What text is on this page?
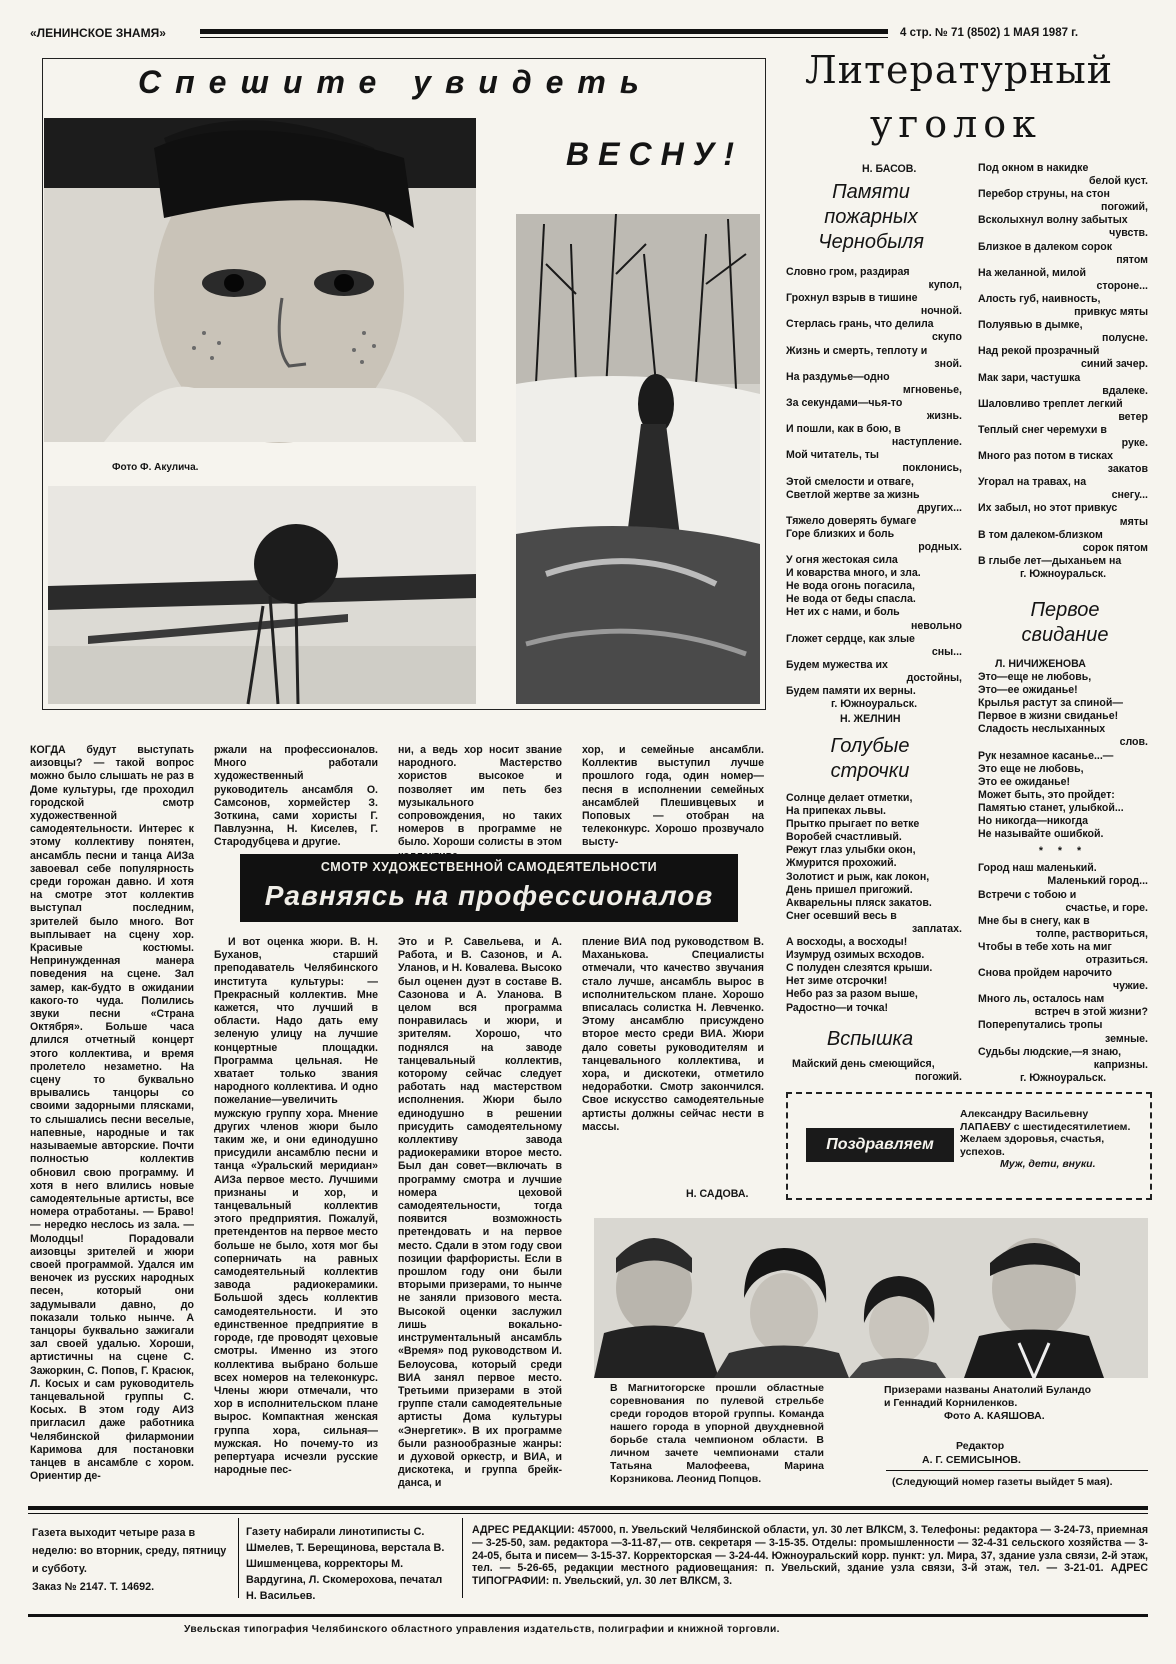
«ЛЕНИНСКОЕ ЗНАМЯ»	4 стр. № 71 (8502) 1 МАЯ 1987 г.
Спешите увидеть
ВЕСНУ!
Фото Ф. Акулича.
Литературный
уголок
Н. БАСОВ.
Памяти пожарных Чернобыля
Словно гром, раздирая
купол,
Грохнул взрыв в тишине
ночной.
Стерлась грань, что делила
скупо
Жизнь и смерть, теплоту и
зной.
На раздумье—одно
мгновенье,
За секундами—чья-то
жизнь.
И пошли, как в бою, в
наступление.
Мой читатель, ты
поклонись,
Этой смелости и отваге,
Светлой жертве за жизнь
других...
Тяжело доверять бумаге
Горе близких и боль
родных.
У огня жестокая сила
И коварства много, и зла.
Не вода огонь погасила,
Не вода от беды спасла.
Нет их с нами, и боль
невольно
Гложет сердце, как злые
сны...
Будем мужества их
достойны,
Будем памяти их верны.
г. Южноуральск.
Н. ЖЕЛНИН
Голубые строчки
Солнце делает отметки,
На припеках львы.
Прытко прыгает по ветке
Воробей счастливый.
Режут глаз улыбки окон,
Жмурится прохожий.
Золотист и рыж, как локон,
День пришел пригожий.
Акварельны пляск закатов.
Снег осевший весь в
заплатах.
А восходы, а восходы!
Изумруд озимых всходов.
С полуден слезятся крыши.
Нет зиме отсрочки!
Небо раз за разом выше,
Радостно—и точка!
Вспышка
Майский день смеющийся,
погожий.
Под окном в накидке
белой куст.
Перебор струны, на стон
погожий,
Всколыхнул волну забытых
чувств.
Близкое в далеком сорок
пятом
На желанной, милой
стороне...
Алость губ, наивность,
привкус мяты
Полуявью в дымке,
полусне.
Над рекой прозрачный
синий зачер.
Мак зари, частушка
вдалеке.
Шаловливо треплет легкий
ветер
Теплый снег черемухи в
руке.
Много раз потом в тисках
закатов
Угорал на травах, на
снегу...
Их забыл, но этот привкус
мяты
В том далеком-близком
сорок пятом
В глыбе лет—дыханьем на
г. Южноуральск.
Первое свидание
Л. НИЧИЖЕНОВА
Это—еще не любовь,
Это—ее ожиданье!
Крылья растут за спиной—
Первое в жизни свиданье!
Сладость неслыханных
слов.
Рук незамное касанье...—
Это еще не любовь,
Это ее ожиданье!
Может быть, это пройдет:
Памятью станет, улыбкой...
Но никогда—никогда
Не называйте ошибкой.
* * *
Город наш маленький.
Маленький город...
Встречи с тобою и
счастье, и горе.
Мне бы в снегу, как в
толпе, раствориться,
Чтобы в тебе хоть на миг
отразиться.
Снова пройдем нарочито
чужие.
Много ль, осталось нам
встреч в этой жизни?
Поперепутались тропы
земные.
Судьбы людские,—я знаю,
капризны.
г. Южноуральск.
Поздравляем
Александру Васильевну ЛАПАЕВУ с шестидесятилетием. Желаем здоровья, счастья, успехов.
Муж, дети, внуки.

КОГДА будут выступать аизовцы? — такой вопрос можно было слышать не раз в Доме культуры, где проходил городской смотр художественной самодеятельности. Интерес к этому коллективу понятен, ансамбль песни и танца АИЗа завоевал себе популярность среди горожан давно. И хотя на смотре этот коллектив выступал последним, зрителей было много. Вот выплывает на сцену хор. Красивые костюмы. Непринужденная манера поведения на сцене. Зал замер, как-будто в ожидании какого-то чуда. Полились звуки песни «Страна Октября». Больше часа длился отчетный концерт этого коллектива, и время пролетело незаметно. На сцену то буквально врывались танцоры со своими задорными плясками, то слышались песни веселые, напевные, народные и так называемые авторские. Почти полностью коллектив обновил свою программу. И хотя в него влились новые самодеятельные артисты, все номера отработаны. — Браво! — нередко неслось из зала. — Молодцы! Порадовали аизовцы зрителей и жюри своей программой. Удался им веночек из русских народных песен, который они задумывали давно, до показали только нынче. А танцоры буквально зажигали зал своей удалью. Хороши, артистичны на сцене С. Зажоркин, С. Попов, Г. Красюк, Л. Косых и сам руководитель танцевальной группы С. Косых. В этом году АИЗ пригласил даже работника Челябинской филармонии Каримова для постановки танцев в ансамбле с хором. Ориентир де-

ржали на профессионалов. Много работали художественный руководитель ансамбля О. Самсонов, хормейстер З. Зоткина, сами хористы Г. Павлуэнна, Н. Киселев, Г. Стародубцева и другие.

ни, а ведь хор носит звание народного. Мастерство хористов высокое и позволяет им петь без музыкального сопровождения, но таких номеров в программе не было. Хороши солисты в этом

хор, и семейные ансамбли. Коллектив выступил лучше прошлого года, один номер— песня в исполнении семейных ансамблей Плешивцевых и Поповых — отобран на телеконкурс. Хорошо прозвучало высту-

СМОТР ХУДОЖЕСТВЕННОЙ САМОДЕЯТЕЛЬНОСТИ
Равняясь на профессионалов

И вот оценка жюри. В. Н. Буханов, старший преподаватель Челябинского института культуры: — Прекрасный коллектив. Мне кажется, что лучший в области. Надо дать ему зеленую улицу на лучшие концертные площадки. Программа цельная. Не хватает только звания народного коллектива. И одно пожелание—увеличить мужскую группу хора. Мнение других членов жюри было таким же, и они единодушно присудили ансамблю песни и танца «Уральский меридиан» АИЗа первое место. Лучшими признаны и хор, и танцевальный коллектив этого предприятия. Пожалуй, претендентов на первое место больше не было, хотя мог бы соперничать на равных самодеятельный коллектив завода радиокерамики. Большой здесь коллектив самодеятельности. И это единственное предприятие в городе, где проводят цеховые смотры. Именно из этого коллектива выбрано больше всех номеров на телеконкурс. Члены жюри отмечали, что хор в исполнительском плане вырос. Компактная женская группа хора, сильная—мужская. Но почему-то из репертуара исчезли русские народные пес-

Это и Р. Савельева, и А. Работа, и В. Сазонов, и А. Уланов, и Н. Ковалева. Высоко был оценен дуэт в составе В. Сазонова и А. Уланова. В целом вся программа понравилась и жюри, и зрителям. Хорошо, что поднялся на заводе танцевальный коллектив, которому сейчас следует работать над мастерством исполнения. Жюри было единодушно в решении присудить самодеятельному коллективу завода радиокерамики второе место. Был дан совет—включать в программу смотра и лучшие номера цеховой самодеятельности, тогда появится возможность претендовать и на первое место. Сдали в этом году свои позиции фарфористы. Если в прошлом году они были вторыми призерами, то нынче не заняли призового места. Высокой оценки заслужил лишь вокально-инструментальный ансамбль «Время» под руководством И. Белоусова, который среди ВИА занял первое место. Третьими призерами в этой группе стали самодеятельные артисты Дома культуры «Энергетик». В их программе были разнообразные жанры: и духовой оркестр, и ВИА, и дискотека, и группа брейк-данса, и

пление ВИА под руководством В. Маханькова. Специалисты отмечали, что качество звучания стало лучше, ансамбль вырос в исполнительском плане. Хорошо вписалась солистка Н. Левченко. Этому ансамблю присуждено второе место среди ВИА. Жюри дало советы руководителям и танцевального коллектива, и хора, и дискотеки, отметило недоработки. Смотр закончился. Свое искусство самодеятельные артисты должны сейчас нести в массы.

Н. САДОВА.
В Магнитогорске прошли областные соревнования по пулевой стрельбе среди городов второй группы. Команда нашего города в упорной двухдневной борьбе стала чемпионом области. В личном зачете чемпионами стали Татьяна Малофеева, Марина Корзникова. Леонид Попцов.
Призерами названы Анатолий Буландо и Геннадий Корниленков.
Фото А. КАЯШОВА.
Редактор
А. Г. СЕМИСЫНОВ.
(Следующий номер газеты выйдет 5 мая).
Газета выходит четыре раза в неделю: во вторник, среду, пятницу и субботу.
Заказ № 2147. Т. 14692.
Газету набирали линотиписты С. Шмелев, Т. Берещинова, верстала В. Шишменцева, корректоры М. Вардугина, Л. Скомерохова, печатал Н. Васильев.
АДРЕС РЕДАКЦИИ: 457000, п. Увельский Челябинской области, ул. 30 лет ВЛКСМ, 3. Телефоны: редактора — 3-24-73, приемная — 3-25-50, зам. редактора —3-11-87,— отв. секретаря — 3-15-35. Отделы: промышленности — 32-4-31 сельского хозяйства — 3-24-05, быта и писем— 3-15-37. Корректорская — 3-24-44. Южноуральский корр. пункт: ул. Мира, 37, здание узла связи, 2-й этаж, тел. — 5-26-65, редакции местного радиовещания: п. Увельский, здание узла связи, 3-й этаж, тел. — 3-21-01. АДРЕС ТИПОГРАФИИ: п. Увельский, ул. 30 лет ВЛКСМ, 3.
Увельская типография Челябинского областного управления издательств, полиграфии и книжной торговли.
